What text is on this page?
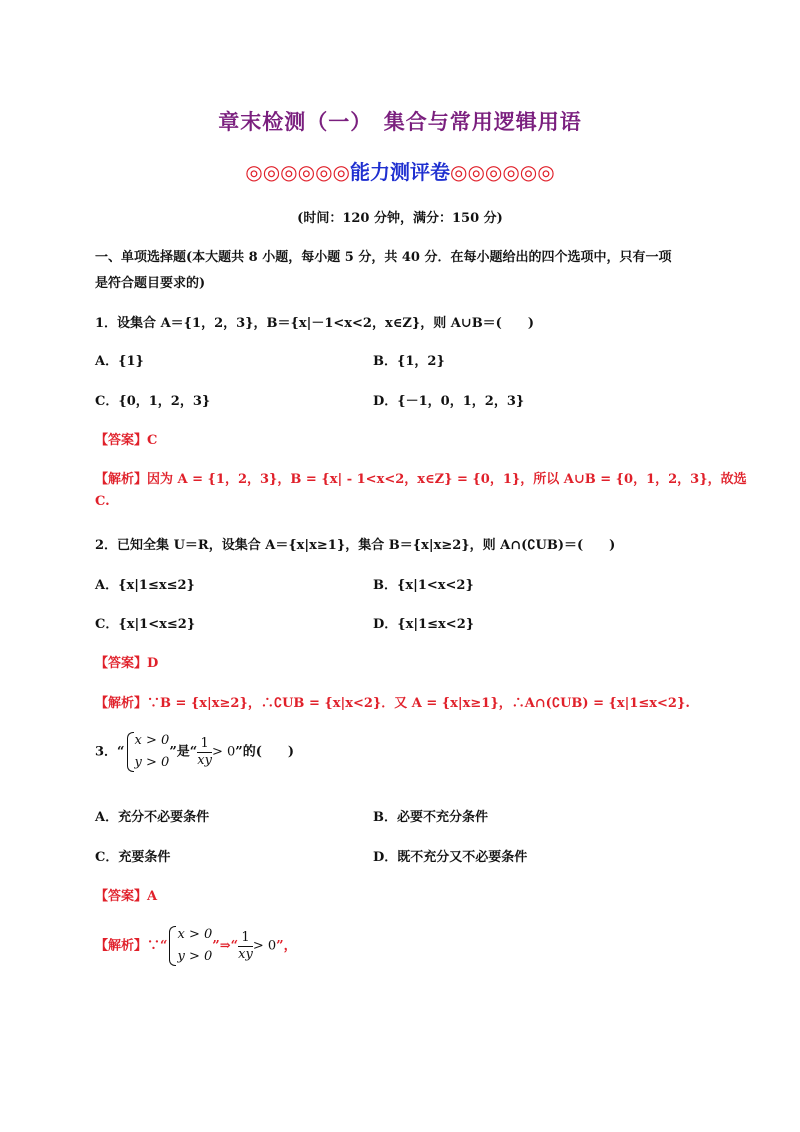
章末检测（一）　集合与常用逻辑用语
◎◎◎◎◎◎能力测评卷◎◎◎◎◎◎
(时间：120 分钟，满分：150 分)
一、单项选择题(本大题共 8 小题，每小题 5 分，共 40 分．在每小题给出的四个选项中，只有一项
是符合题目要求的)
1．设集合 A＝{1，2，3}，B＝{x|－1<x<2，x∈Z}，则 A∪B＝(　　)
A．{1}	B．{1，2}
C．{0，1，2，3}	D．{－1，0，1，2，3}
【答案】C
【解析】因为 A = {1，2，3}，B = {x| - 1<x<2，x∈Z} = {0，1}，所以 A∪B = {0，1，2，3}，故选
C.
2．已知全集 U＝R，设集合 A＝{x|x≥1}，集合 B＝{x|x≥2}，则 A∩(∁UB)＝(　　)
A．{x|1≤x≤2}	B．{x|1<x<2}
C．{x|1<x≤2}	D．{x|1≤x<2}
【答案】D
【解析】∵B = {x|x≥2}，∴∁UB = {x|x<2}．又 A = {x|x≥1}，∴A∩(∁UB) = {x|1≤x<2}.
3．“
x > 0
y > 0
”是“ $\frac{1}{xy} > 0$”的(　　)
A．充分不必要条件	B．必要不充分条件
C．充要条件	D．既不充分又不必要条件
【答案】A
【解析】∵“
x > 0
y > 0
”⇒“ $\frac{1}{xy} > 0$”，
